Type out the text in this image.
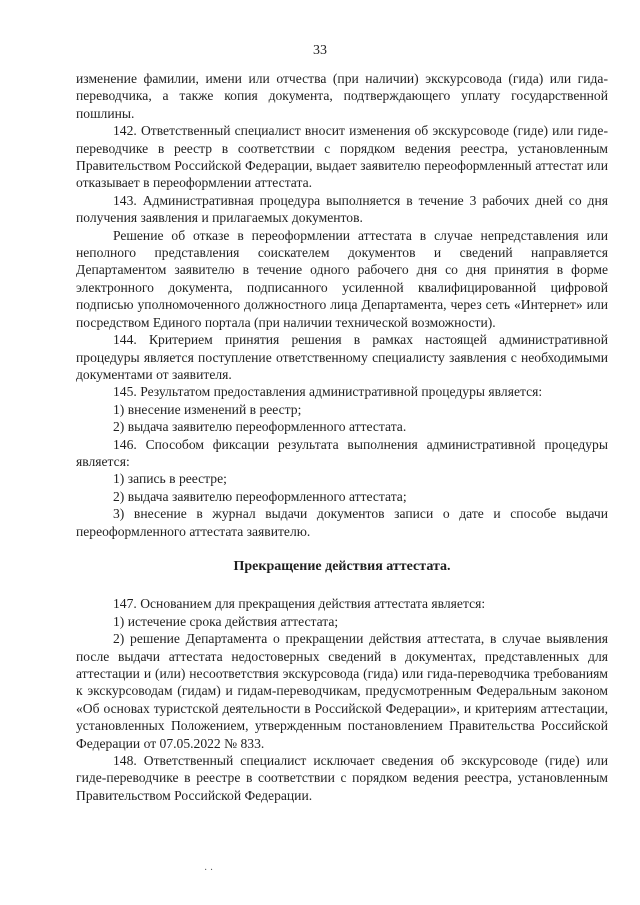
33

изменение фамилии, имени или отчества (при наличии) экскурсовода (гида) или гида-переводчика, а также копия документа, подтверждающего уплату государственной пошлины.

142. Ответственный специалист вносит изменения об экскурсоводе (гиде) или гиде-переводчике в реестр в соответствии с порядком ведения реестра, установленным Правительством Российской Федерации, выдает заявителю переоформленный аттестат или отказывает в переоформлении аттестата.

143. Административная процедура выполняется в течение 3 рабочих дней со дня получения заявления и прилагаемых документов.

Решение об отказе в переоформлении аттестата в случае непредставления или неполного представления соискателем документов и сведений направляется Департаментом заявителю в течение одного рабочего дня со дня принятия в форме электронного документа, подписанного усиленной квалифицированной цифровой подписью уполномоченного должностного лица Департамента, через сеть «Интернет» или посредством Единого портала (при наличии технической возможности).

144. Критерием принятия решения в рамках настоящей административной процедуры является поступление ответственному специалисту заявления с необходимыми документами от заявителя.

145. Результатом предоставления административной процедуры является:

1) внесение изменений в реестр;

2) выдача заявителю переоформленного аттестата.

146. Способом фиксации результата выполнения административной процедуры является:

1) запись в реестре;

2) выдача заявителю переоформленного аттестата;

3) внесение в журнал выдачи документов записи о дате и способе выдачи переоформленного аттестата заявителю.

Прекращение действия аттестата.

147. Основанием для прекращения действия аттестата является:

1) истечение срока действия аттестата;

2) решение Департамента о прекращении действия аттестата, в случае выявления после выдачи аттестата недостоверных сведений в документах, представленных для аттестации и (или) несоответствия экскурсовода (гида) или гида-переводчика требованиям к экскурсоводам (гидам) и гидам-переводчикам, предусмотренным Федеральным законом «Об основах туристской деятельности в Российской Федерации», и критериям аттестации, установленных Положением, утвержденным постановлением Правительства Российской Федерации от 07.05.2022 № 833.

148. Ответственный специалист исключает сведения об экскурсоводе (гиде) или гиде-переводчике в реестре в соответствии с порядком ведения реестра, установленным Правительством Российской Федерации.

· ·
